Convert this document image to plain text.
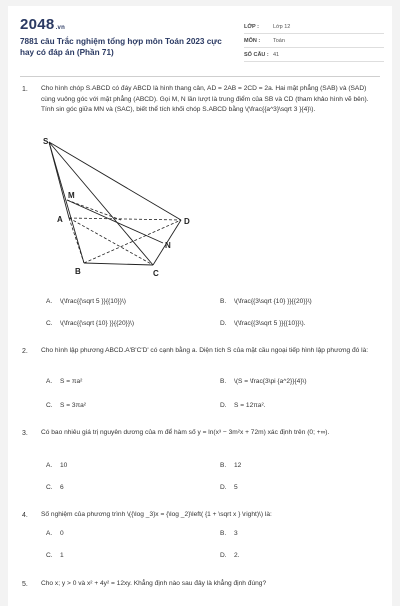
2048.vn
7881 câu Trắc nghiệm tổng hợp môn Toán 2023 cực hay có đáp án (Phần 71)
LỚP :	Lớp 12
MÔN :	Toán
SỐ CÂU : 41
1. Cho hình chóp S.ABCD có đáy ABCD là hình thang cân, AD = 2AB = 2CD = 2a. Hai mặt phẳng (SAB) và (SAD) cùng vuông góc với mặt phẳng (ABCD). Gọi M, N lần lượt là trung điểm của SB và CD (tham khảo hình vẽ bên). Tính sin góc giữa MN và (SAC), biết thể tích khối chóp S.ABCD bằng \(\frac{{a^3}\sqrt 3 }{4}\).
S
A
B	C
D
M
N
A.	\(\frac{{\sqrt 5 }}{{10}}\)	B.	\(\frac{{3\sqrt {10} }}{{20}}\)
C.	\(\frac{{\sqrt {10} }}{{20}}\)	D.	\(\frac{{3\sqrt 5 }}{{10}}\).
2. Cho hình lập phương ABCD.A'B'C'D' có cạnh bằng a. Diện tích S của mặt cầu ngoại tiếp hình lập phương đó là:
A.	S = πa²	B.	\(S = \frac{3\pi {a^2}}{4}\)
C.	S = 3πa²	D.	S = 12πa².
3. Có bao nhiêu giá trị nguyên dương của m để hàm số y = ln(x³ − 3m²x + 72m) xác định trên (0; +∞).
A.	10	B.	12
C.	6	D.	5
4. Số nghiệm của phương trình \({\log _3}x = {\log _2}\left( {1 + \sqrt x } \right)\) là:
A.	0	B.	3
C.	1	D.	2.
5. Cho x; y > 0 và x² + 4y² = 12xy. Khẳng định nào sau đây là khẳng định đúng?
